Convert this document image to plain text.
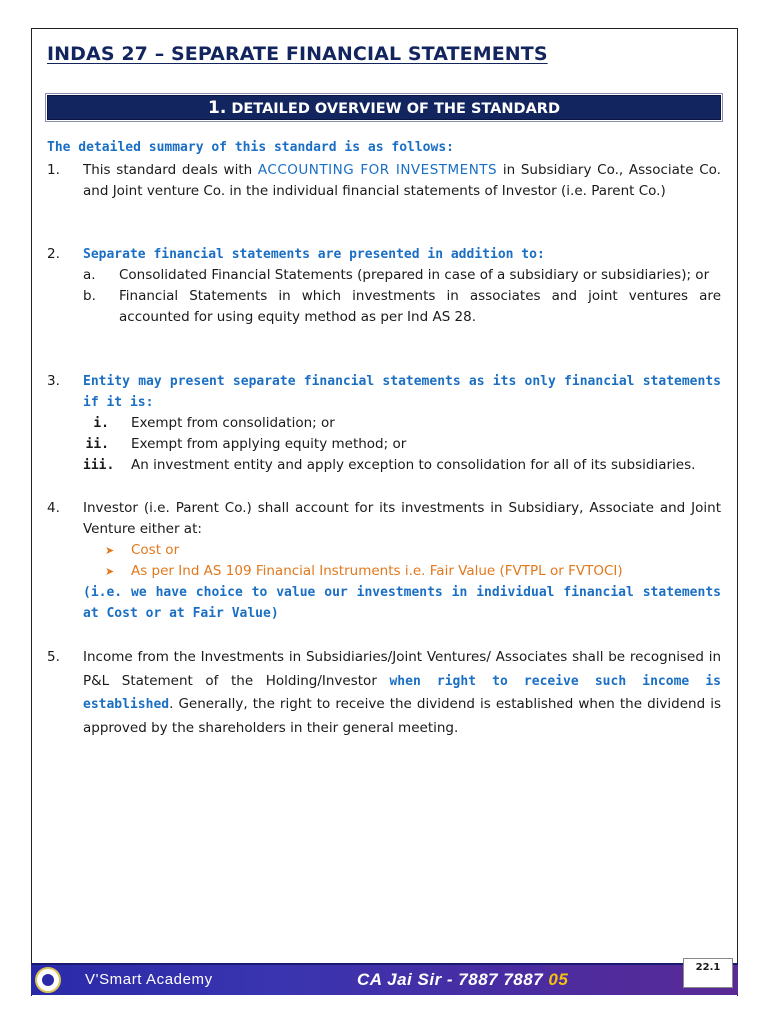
INDAS 27 – SEPARATE FINANCIAL STATEMENTS
1. DETAILED OVERVIEW OF THE STANDARD
The detailed summary of this standard is as follows:
1. This standard deals with ACCOUNTING FOR INVESTMENTS in Subsidiary Co., Associate Co. and Joint venture Co. in the individual financial statements of Investor (i.e. Parent Co.)
2. Separate financial statements are presented in addition to:
a. Consolidated Financial Statements (prepared in case of a subsidiary or subsidiaries); or
b. Financial Statements in which investments in associates and joint ventures are accounted for using equity method as per Ind AS 28.
3. Entity may present separate financial statements as its only financial statements if it is:
i. Exempt from consolidation; or
ii. Exempt from applying equity method; or
iii. An investment entity and apply exception to consolidation for all of its subsidiaries.
4. Investor (i.e. Parent Co.) shall account for its investments in Subsidiary, Associate and Joint Venture either at:
➤ Cost or
➤ As per Ind AS 109 Financial Instruments i.e. Fair Value (FVTPL or FVTOCI)
(i.e. we have choice to value our investments in individual financial statements at Cost or at Fair Value)
5. Income from the Investments in Subsidiaries/Joint Ventures/ Associates shall be recognised in P&L Statement of the Holding/Investor when right to receive such income is established. Generally, the right to receive the dividend is established when the dividend is approved by the shareholders in their general meeting.
V'Smart Academy	CA Jai Sir - 7887 7887 05
22.1
